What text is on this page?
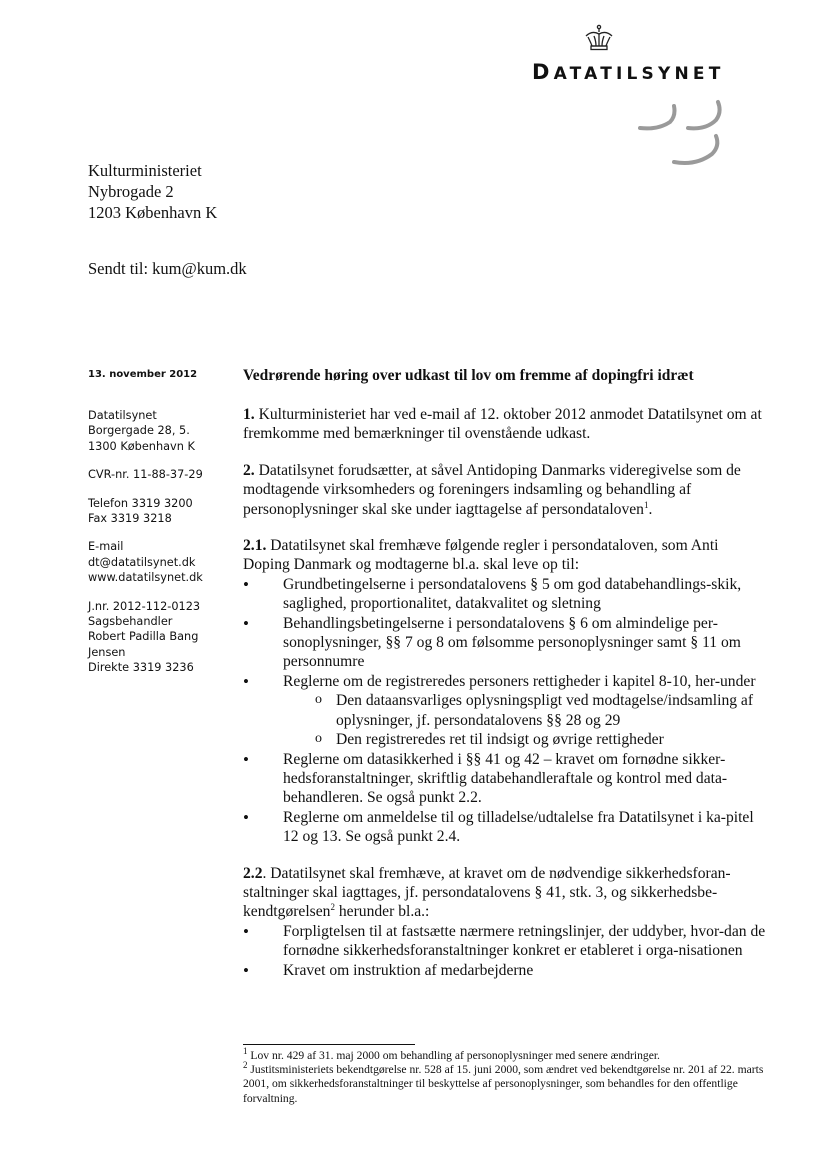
DATATILSYNET
Kulturministeriet
Nybrogade 2
1203 København K
Sendt til: kum@kum.dk
13. november 2012
Datatilsynet
Borgergade 28, 5.
1300 København K
CVR-nr. 11-88-37-29
Telefon 3319 3200
Fax 3319 3218
E-mail
dt@datatilsynet.dk
www.datatilsynet.dk
J.nr. 2012-112-0123
Sagsbehandler
Robert Padilla Bang
Jensen
Direkte 3319 3236
Vedrørende høring over udkast til lov om fremme af dopingfri idræt

1. Kulturministeriet har ved e-mail af 12. oktober 2012 anmodet Datatilsynet om at fremkomme med bemærkninger til ovenstående udkast.

2. Datatilsynet forudsætter, at såvel Antidoping Danmarks videregivelse som de modtagende virksomheders og foreningers indsamling og behandling af personoplysninger skal ske under iagttagelse af persondataloven$^1$.

2.1. Datatilsynet skal fremhæve følgende regler i persondataloven, som Anti Doping Danmark og modtagerne bl.a. skal leve op til:

• Grundbetingelserne i persondatalovens § 5 om god databehandlings-skik, saglighed, proportionalitet, datakvalitet og sletning
• Behandlingsbetingelserne i persondatalovens § 6 om almindelige per-sonoplysninger, §§ 7 og 8 om følsomme personoplysninger samt § 11 om personnumre
• Reglerne om de registreredes personers rettigheder i kapitel 8-10, her-under
o Den dataansvarliges oplysningspligt ved modtagelse/indsamling af oplysninger, jf. persondatalovens §§ 28 og 29
o Den registreredes ret til indsigt og øvrige rettigheder
• Reglerne om datasikkerhed i §§ 41 og 42 – kravet om fornødne sikker-hedsforanstaltninger, skriftlig databehandleraftale og kontrol med data-behandleren. Se også punkt 2.2.
• Reglerne om anmeldelse til og tilladelse/udtalelse fra Datatilsynet i ka-pitel 12 og 13. Se også punkt 2.4.

2.2. Datatilsynet skal fremhæve, at kravet om de nødvendige sikkerhedsforan-staltninger skal iagttages, jf. persondatalovens § 41, stk. 3, og sikkerhedsbe-kendtgørelsen$^2$ herunder bl.a.:

• Forpligtelsen til at fastsætte nærmere retningslinjer, der uddyber, hvor-dan de fornødne sikkerhedsforanstaltninger konkret er etableret i orga-nisationen
• Kravet om instruktion af medarbejderne
$^1$ Lov nr. 429 af 31. maj 2000 om behandling af personoplysninger med senere ændringer.
$^2$ Justitsministeriets bekendtgørelse nr. 528 af 15. juni 2000, som ændret ved bekendtgørelse nr. 201 af 22. marts 2001, om sikkerhedsforanstaltninger til beskyttelse af personoplysninger, som behandles for den offentlige forvaltning.
